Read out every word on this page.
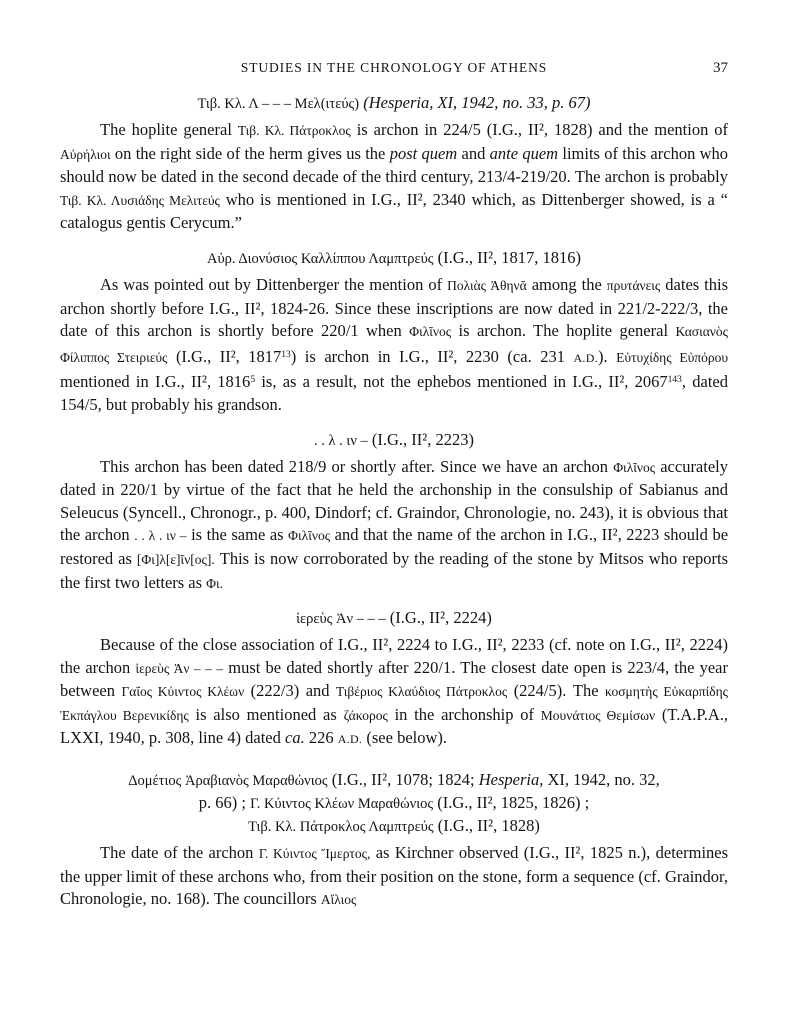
STUDIES IN THE CHRONOLOGY OF ATHENS	37
Τιβ. Κλ. Λ – – – Μελ(ιτεύς) (Hesperia, XI, 1942, no. 33, p. 67)

The hoplite general Τιβ. Κλ. Πάτροκλος is archon in 224/5 (I.G., II², 1828) and the mention of Αὐρήλιοι on the right side of the herm gives us the post quem and ante quem limits of this archon who should now be dated in the second decade of the third century, 213/4-219/20. The archon is probably Τιβ. Κλ. Λυσιάδης Μελιτεύς who is mentioned in I.G., II², 2340 which, as Dittenberger showed, is a “ catalogus gentis Cerycum.”

Αὐρ. Διονύσιος Καλλίππου Λαμπτρεύς (I.G., II², 1817, 1816)

As was pointed out by Dittenberger the mention of Πολιὰς Ἀθηνᾶ among the πρυτάνεις dates this archon shortly before I.G., II², 1824-26. Since these inscriptions are now dated in 221/2-222/3, the date of this archon is shortly before 220/1 when Φιλῖνος is archon. The hoplite general Κασιανὸς Φίλιππος Στειριεύς (I.G., II², 1817$^{13}$) is archon in I.G., II², 2230 (ca. 231 A.D.). Εὐτυχίδης Εὐπόρου mentioned in I.G., II², 1816$^5$ is, as a result, not the ephebos mentioned in I.G., II², 2067$^{143}$, dated 154/5, but probably his grandson.

. . λ . ιν – (I.G., II², 2223)

This archon has been dated 218/9 or shortly after. Since we have an archon Φιλῖνος accurately dated in 220/1 by virtue of the fact that he held the archonship in the consulship of Sabianus and Seleucus (Syncell., Chronogr., p. 400, Dindorf; cf. Graindor, Chronologie, no. 243), it is obvious that the archon . . λ . ιν – is the same as Φιλῖνος and that the name of the archon in I.G., II², 2223 should be restored as [Φι]λ[ε]ῖν[ος]. This is now corroborated by the reading of the stone by Mitsos who reports the first two letters as Φι.

ἱερεὺς Ἀν – – – (I.G., II², 2224)

Because of the close association of I.G., II², 2224 to I.G., II², 2233 (cf. note on I.G., II², 2224) the archon ἱερεὺς Ἀν – – – must be dated shortly after 220/1. The closest date open is 223/4, the year between Γαΐος Κύιντος Κλέων (222/3) and Τιβέριος Κλαύδιος Πάτροκλος (224/5). The κοσμητὴς Εὐκαρπίδης Ἐκπάγλου Βερενικίδης is also mentioned as ζάκορος in the archonship of Μουνάτιος Θεμίσων (T.A.P.A., LXXI, 1940, p. 308, line 4) dated ca. 226 A.D. (see below).

Δομέτιος Ἀραβιανὸς Μαραθώνιος (I.G., II², 1078; 1824; Hesperia, XI, 1942, no. 32,
p. 66) ; Γ. Κύιντος Κλέων Μαραθώνιος (I.G., II², 1825, 1826) ;
Τιβ. Κλ. Πάτροκλος Λαμπτρεύς (I.G., II², 1828)

The date of the archon Γ. Κύιντος Ἵμερτος, as Kirchner observed (I.G., II², 1825 n.), determines the upper limit of these archons who, from their position on the stone, form a sequence (cf. Graindor, Chronologie, no. 168). The councillors Αἴλιος
